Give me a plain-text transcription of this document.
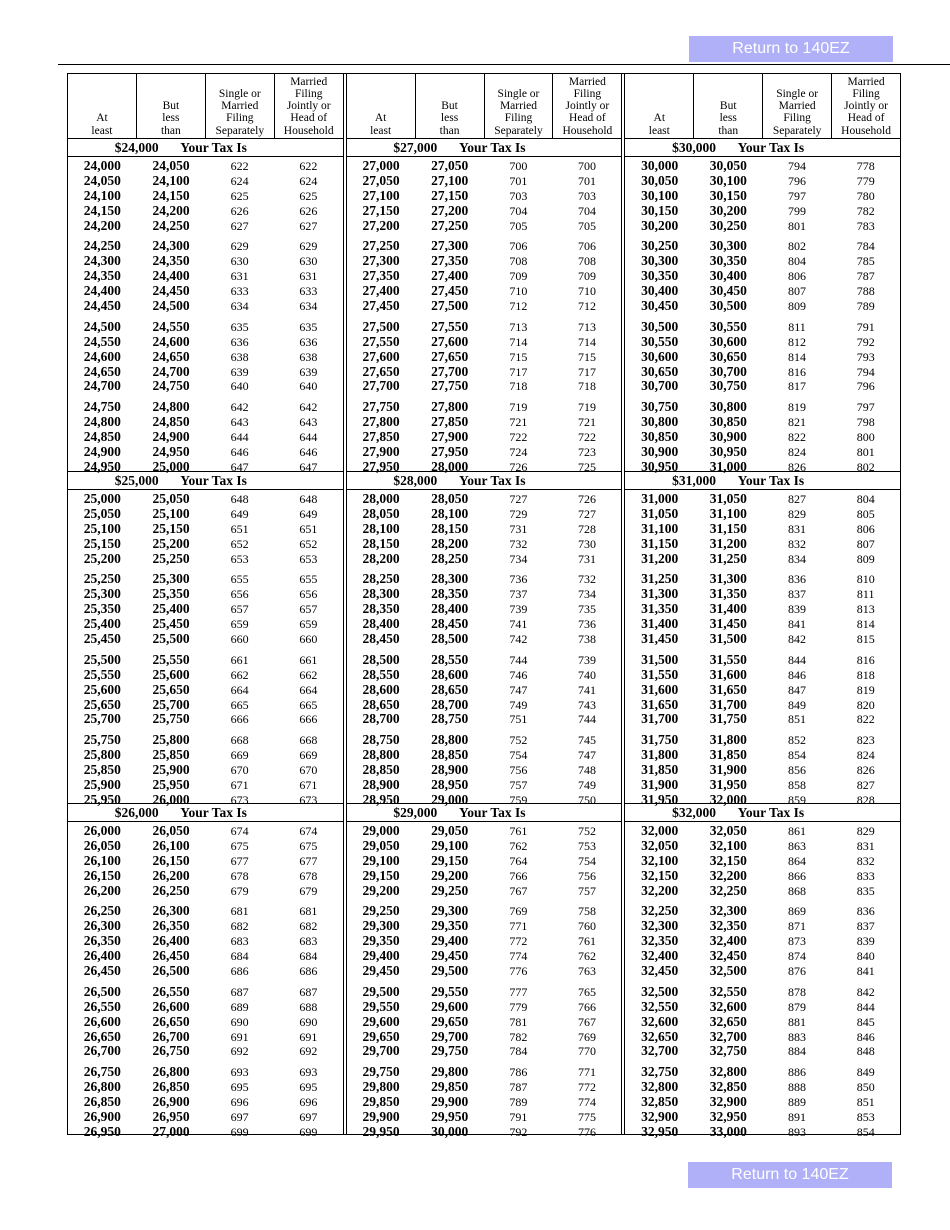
Return to 140EZ
At
least
But
less
than
Single or
Married
Filing
Separately
Married
Filing
Jointly or
Head of
Household
$24,000	Your Tax Is
24,000	24,050	622	622
24,050	24,100	624	624
24,100	24,150	625	625
24,150	24,200	626	626
24,200	24,250	627	627
24,250	24,300	629	629
24,300	24,350	630	630
24,350	24,400	631	631
24,400	24,450	633	633
24,450	24,500	634	634
24,500	24,550	635	635
24,550	24,600	636	636
24,600	24,650	638	638
24,650	24,700	639	639
24,700	24,750	640	640
24,750	24,800	642	642
24,800	24,850	643	643
24,850	24,900	644	644
24,900	24,950	646	646
24,950	25,000	647	647
$25,000	Your Tax Is
25,000	25,050	648	648
25,050	25,100	649	649
25,100	25,150	651	651
25,150	25,200	652	652
25,200	25,250	653	653
25,250	25,300	655	655
25,300	25,350	656	656
25,350	25,400	657	657
25,400	25,450	659	659
25,450	25,500	660	660
25,500	25,550	661	661
25,550	25,600	662	662
25,600	25,650	664	664
25,650	25,700	665	665
25,700	25,750	666	666
25,750	25,800	668	668
25,800	25,850	669	669
25,850	25,900	670	670
25,900	25,950	671	671
25,950	26,000	673	673
$26,000	Your Tax Is
26,000	26,050	674	674
26,050	26,100	675	675
26,100	26,150	677	677
26,150	26,200	678	678
26,200	26,250	679	679
26,250	26,300	681	681
26,300	26,350	682	682
26,350	26,400	683	683
26,400	26,450	684	684
26,450	26,500	686	686
26,500	26,550	687	687
26,550	26,600	689	688
26,600	26,650	690	690
26,650	26,700	691	691
26,700	26,750	692	692
26,750	26,800	693	693
26,800	26,850	695	695
26,850	26,900	696	696
26,900	26,950	697	697
26,950	27,000	699	699
At
least
But
less
than
Single or
Married
Filing
Separately
Married
Filing
Jointly or
Head of
Household
$27,000	Your Tax Is
27,000	27,050	700	700
27,050	27,100	701	701
27,100	27,150	703	703
27,150	27,200	704	704
27,200	27,250	705	705
27,250	27,300	706	706
27,300	27,350	708	708
27,350	27,400	709	709
27,400	27,450	710	710
27,450	27,500	712	712
27,500	27,550	713	713
27,550	27,600	714	714
27,600	27,650	715	715
27,650	27,700	717	717
27,700	27,750	718	718
27,750	27,800	719	719
27,800	27,850	721	721
27,850	27,900	722	722
27,900	27,950	724	723
27,950	28,000	726	725
$28,000	Your Tax Is
28,000	28,050	727	726
28,050	28,100	729	727
28,100	28,150	731	728
28,150	28,200	732	730
28,200	28,250	734	731
28,250	28,300	736	732
28,300	28,350	737	734
28,350	28,400	739	735
28,400	28,450	741	736
28,450	28,500	742	738
28,500	28,550	744	739
28,550	28,600	746	740
28,600	28,650	747	741
28,650	28,700	749	743
28,700	28,750	751	744
28,750	28,800	752	745
28,800	28,850	754	747
28,850	28,900	756	748
28,900	28,950	757	749
28,950	29,000	759	750
$29,000	Your Tax Is
29,000	29,050	761	752
29,050	29,100	762	753
29,100	29,150	764	754
29,150	29,200	766	756
29,200	29,250	767	757
29,250	29,300	769	758
29,300	29,350	771	760
29,350	29,400	772	761
29,400	29,450	774	762
29,450	29,500	776	763
29,500	29,550	777	765
29,550	29,600	779	766
29,600	29,650	781	767
29,650	29,700	782	769
29,700	29,750	784	770
29,750	29,800	786	771
29,800	29,850	787	772
29,850	29,900	789	774
29,900	29,950	791	775
29,950	30,000	792	776
At
least
But
less
than
Single or
Married
Filing
Separately
Married
Filing
Jointly or
Head of
Household
$30,000	Your Tax Is
30,000	30,050	794	778
30,050	30,100	796	779
30,100	30,150	797	780
30,150	30,200	799	782
30,200	30,250	801	783
30,250	30,300	802	784
30,300	30,350	804	785
30,350	30,400	806	787
30,400	30,450	807	788
30,450	30,500	809	789
30,500	30,550	811	791
30,550	30,600	812	792
30,600	30,650	814	793
30,650	30,700	816	794
30,700	30,750	817	796
30,750	30,800	819	797
30,800	30,850	821	798
30,850	30,900	822	800
30,900	30,950	824	801
30,950	31,000	826	802
$31,000	Your Tax Is
31,000	31,050	827	804
31,050	31,100	829	805
31,100	31,150	831	806
31,150	31,200	832	807
31,200	31,250	834	809
31,250	31,300	836	810
31,300	31,350	837	811
31,350	31,400	839	813
31,400	31,450	841	814
31,450	31,500	842	815
31,500	31,550	844	816
31,550	31,600	846	818
31,600	31,650	847	819
31,650	31,700	849	820
31,700	31,750	851	822
31,750	31,800	852	823
31,800	31,850	854	824
31,850	31,900	856	826
31,900	31,950	858	827
31,950	32,000	859	828
$32,000	Your Tax Is
32,000	32,050	861	829
32,050	32,100	863	831
32,100	32,150	864	832
32,150	32,200	866	833
32,200	32,250	868	835
32,250	32,300	869	836
32,300	32,350	871	837
32,350	32,400	873	839
32,400	32,450	874	840
32,450	32,500	876	841
32,500	32,550	878	842
32,550	32,600	879	844
32,600	32,650	881	845
32,650	32,700	883	846
32,700	32,750	884	848
32,750	32,800	886	849
32,800	32,850	888	850
32,850	32,900	889	851
32,900	32,950	891	853
32,950	33,000	893	854
Return to 140EZ
